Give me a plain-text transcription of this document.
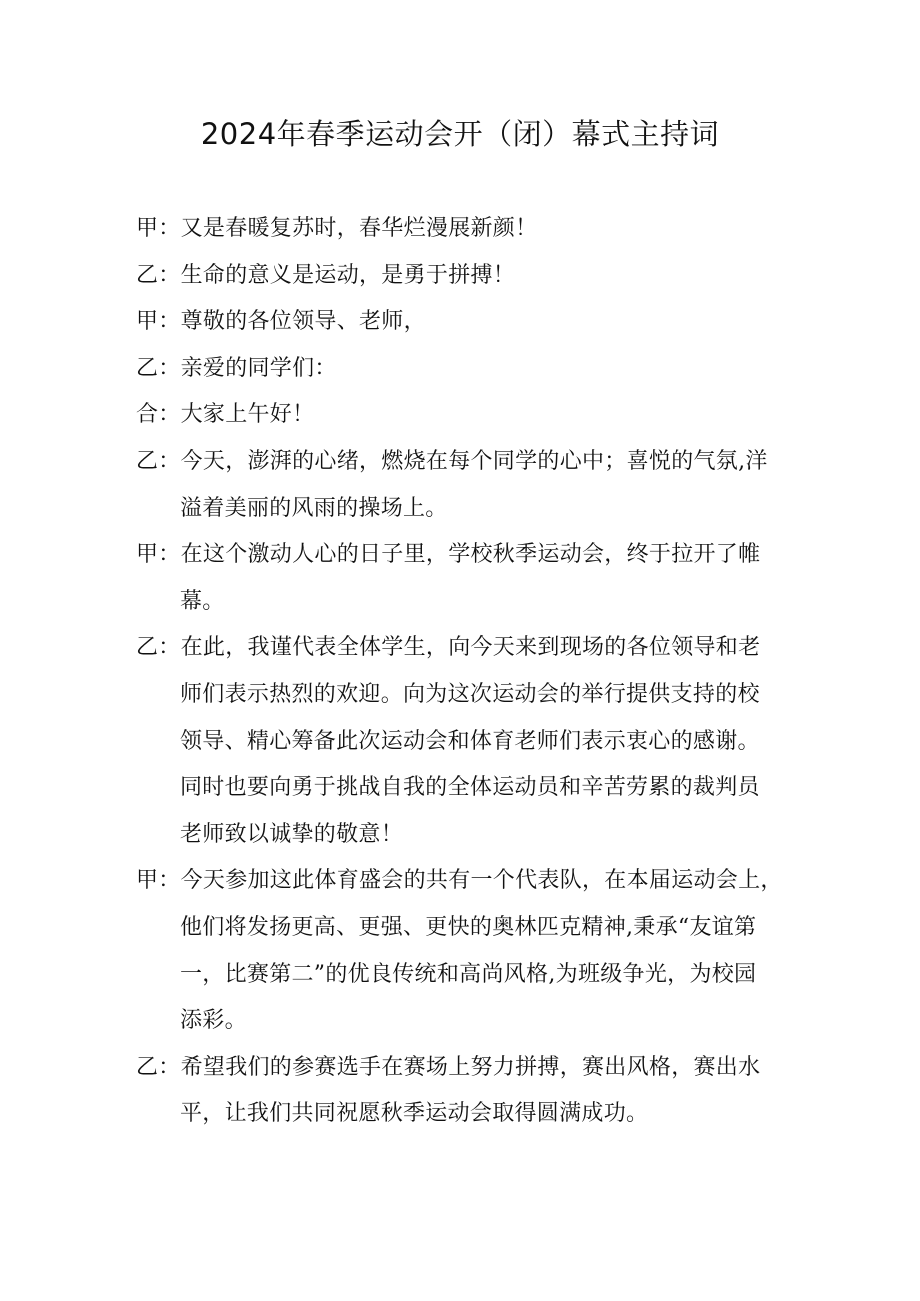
2024年春季运动会开（闭）幕式主持词
甲：又是春暖复苏时，春华烂漫展新颜！
乙：生命的意义是运动，是勇于拼搏！
甲：尊敬的各位领导、老师，
乙：亲爱的同学们：
合：大家上午好！
乙：今天，澎湃的心绪，燃烧在每个同学的心中；喜悦的气氛,洋
溢着美丽的风雨的操场上。
甲：在这个激动人心的日子里，学校秋季运动会，终于拉开了帷
幕。
乙：在此，我谨代表全体学生，向今天来到现场的各位领导和老
师们表示热烈的欢迎。向为这次运动会的举行提供支持的校
领导、精心筹备此次运动会和体育老师们表示衷心的感谢。
同时也要向勇于挑战自我的全体运动员和辛苦劳累的裁判员
老师致以诚挚的敬意！
甲：今天参加这此体育盛会的共有一个代表队，在本届运动会上，
他们将发扬更高、更强、更快的奥林匹克精神,秉承“友谊第
一，比赛第二”的优良传统和高尚风格,为班级争光，为校园
添彩。
乙：希望我们的参赛选手在赛场上努力拼搏，赛出风格，赛出水
平，让我们共同祝愿秋季运动会取得圆满成功。
